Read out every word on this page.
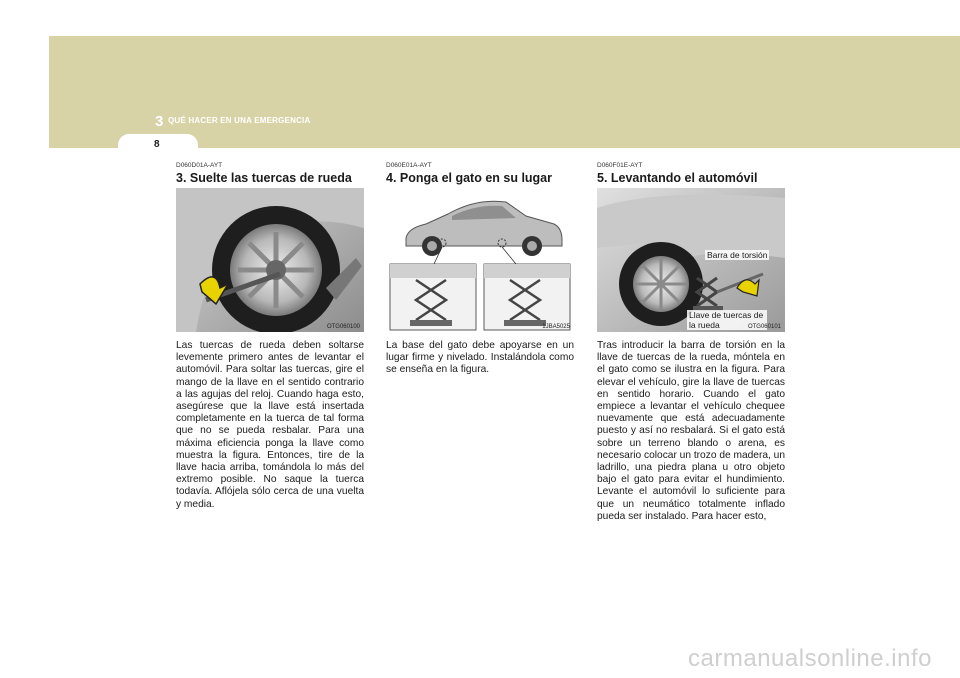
3 QUÉ HACER EN UNA EMERGENCIA
8
D060D01A-AYT
3. Suelte las tuercas de rueda
OTG060100
Las tuercas de rueda deben soltarse levemente primero antes de levantar el automóvil. Para soltar las tuercas, gire el mango de la llave en el sentido contrario a las agujas del reloj. Cuando haga esto, asegúrese que la llave está insertada completamente en la tuerca de tal forma que no se pueda resbalar. Para una máxima eficiencia ponga la llave como muestra la figura. Entonces, tire de la llave hacia arriba, tomándola lo más del extremo posible. No saque la tuerca todavía. Aflójela sólo cerca de una vuelta y media.
D060E01A-AYT
4. Ponga el gato en su lugar
1JBA5025
La base del gato debe apoyarse en un lugar firme y nivelado. Instalándola como se enseña en la figura.
D060F01E-AYT
5. Levantando el automóvil
Barra de torsión
Llave de tuercas de la rueda	OTG060101
Tras introducir la barra de torsión en la llave de tuercas de la rueda, móntela en el gato como se ilustra en la figura. Para elevar el vehículo, gire la llave de tuercas en sentido horario. Cuando el gato empiece a levantar el vehículo chequee nuevamente que está adecuadamente puesto y así no resbalará. Si el gato está sobre un terreno blando o arena, es necesario colocar un trozo de madera, un ladrillo, una piedra plana u otro objeto bajo el gato para evitar el hundimiento. Levante el automóvil lo suficiente para que un neumático totalmente inflado pueda ser instalado. Para hacer esto,
carmanualsonline.info
